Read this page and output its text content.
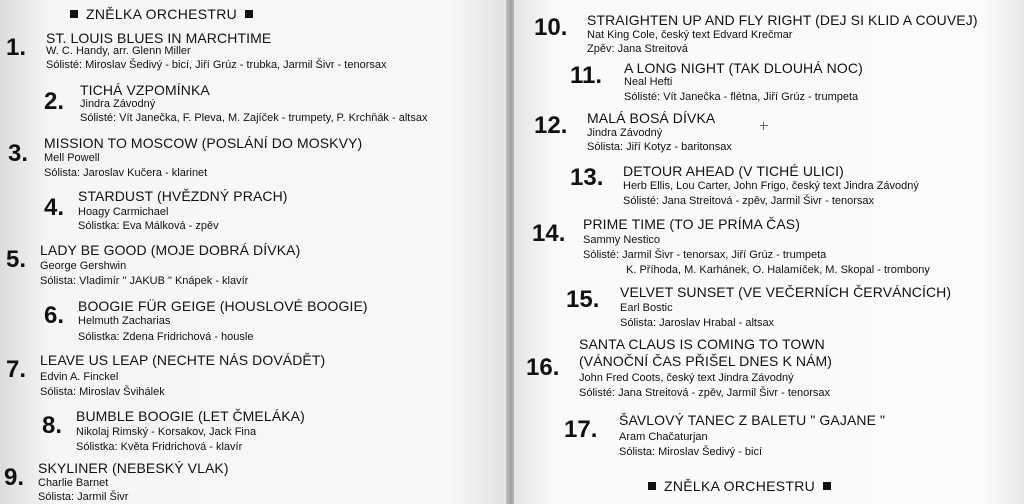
ZNĚLKA ORCHESTRU
1. ST. LOUIS BLUES IN MARCHTIME
W. C. Handy, arr. Glenn Miller
Sólisté: Miroslav Šedivý - bicí, Jiří Grúz - trubka, Jarmil Šivr - tenorsax
2. TICHÁ VZPOMÍNKA
Jindra Závodný
Sólisté: Vít Janečka, F. Pleva, M. Zajíček - trumpety, P. Krchňák - altsax
3. MISSION TO MOSCOW (POSLÁNÍ DO MOSKVY)
Mell Powell
Sólista: Jaroslav Kučera - klarinet
4. STARDUST (HVĚZDNÝ PRACH)
Hoagy Carmichael
Sólistka: Eva Málková - zpěv
5. LADY BE GOOD (MOJE DOBRÁ DÍVKA)
George Gershwin
Sólista: Vladimír " JAKUB " Knápek - klavír
6. BOOGIE FÜR GEIGE (HOUSLOVÉ BOOGIE)
Helmuth Zacharias
Sólistka: Zdena Fridrichová - housle
7. LEAVE US LEAP (NECHTE NÁS DOVÁDĚT)
Edvin A. Finckel
Sólista: Miroslav Švihálek
8. BUMBLE BOOGIE (LET ČMELÁKA)
Nikolaj Rimský - Korsakov, Jack Fina
Sólistka: Květa Fridrichová - klavír
9. SKYLINER (NEBESKÝ VLAK)
Charlie Barnet
Sólista: Jarmil Šivr
10. STRAIGHTEN UP AND FLY RIGHT (DEJ SI KLID A COUVEJ)
Nat King Cole, český text Edvard Krečmar
Zpěv: Jana Streitová
11. A LONG NIGHT (TAK DLOUHÁ NOC)
Neal Hefti
Sólisté: Vít Janečka - flétna, Jiří Grúz - trumpeta
12. MALÁ BOSÁ DÍVKA
Jindra Závodný
Sólista: Jiří Kotyz - baritonsax
13. DETOUR AHEAD (V TICHÉ ULICI)
Herb Ellis, Lou Carter, John Frigo, český text Jindra Závodný
Sólisté: Jana Streitová - zpěv, Jarmil Šivr - tenorsax
14. PRIME TIME (TO JE PRÍMA ČAS)
Sammy Nestico
Sólisté: Jarmil Šivr - tenorsax, Jiří Grúz - trumpeta
K. Příhoda, M. Karhánek, O. Halamíček, M. Skopal - trombony
15. VELVET SUNSET (VE VEČERNÍCH ČERVÁNCÍCH)
Earl Bostic
Sólista: Jaroslav Hrabal - altsax
16.
SANTA CLAUS IS COMING TO TOWN
(VÁNOČNÍ ČAS PŘIŠEL DNES K NÁM)
John Fred Coots, český text Jindra Závodný
Sólisté: Jana Streitová - zpěv, Jarmil Šivr - tenorsax
17. ŠAVLOVÝ TANEC Z BALETU " GAJANE "
Aram Chačaturjan
Sólista: Miroslav Šedivý - bicí
ZNĚLKA ORCHESTRU
